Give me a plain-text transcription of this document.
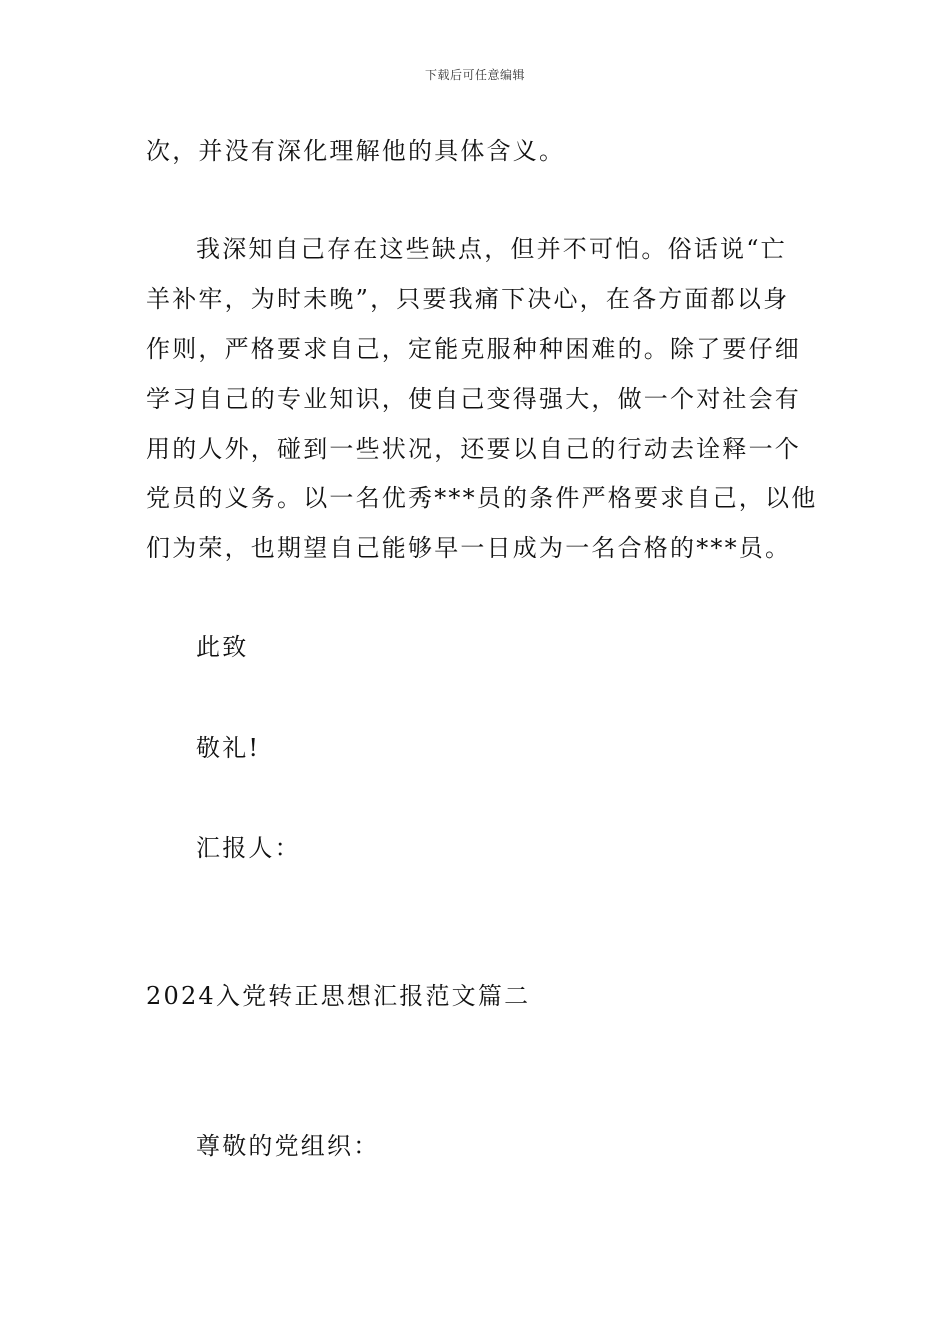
下载后可任意编辑
次，并没有深化理解他的具体含义。
我深知自己存在这些缺点，但并不可怕。俗话说“亡
羊补牢，为时未晚”，只要我痛下决心，在各方面都以身
作则，严格要求自己，定能克服种种困难的。除了要仔细
学习自己的专业知识，使自己变得强大，做一个对社会有
用的人外，碰到一些状况，还要以自己的行动去诠释一个
党员的义务。以一名优秀***员的条件严格要求自己，以他
们为荣，也期望自己能够早一日成为一名合格的***员。
此致
敬礼!
汇报人：
2024入党转正思想汇报范文篇二
尊敬的党组织：
